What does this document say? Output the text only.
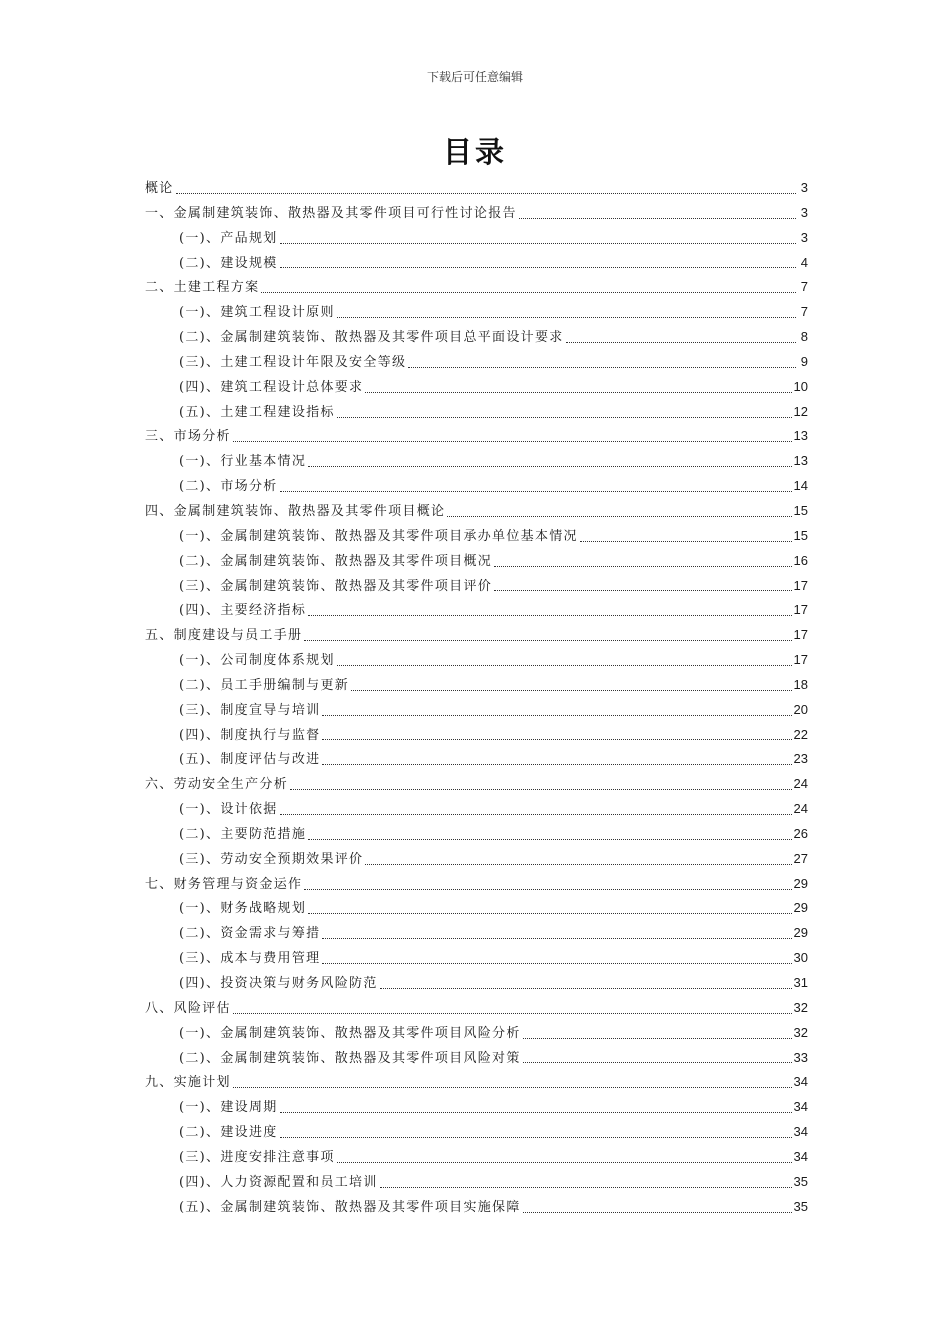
下载后可任意编辑
目录
概论	3
一、金属制建筑装饰、散热器及其零件项目可行性讨论报告	3
(一)、产品规划	3
(二)、建设规模	4
二、土建工程方案	7
(一)、建筑工程设计原则	7
(二)、金属制建筑装饰、散热器及其零件项目总平面设计要求	8
(三)、土建工程设计年限及安全等级	9
(四)、建筑工程设计总体要求	10
(五)、土建工程建设指标	12
三、市场分析	13
(一)、行业基本情况	13
(二)、市场分析	14
四、金属制建筑装饰、散热器及其零件项目概论	15
(一)、金属制建筑装饰、散热器及其零件项目承办单位基本情况	15
(二)、金属制建筑装饰、散热器及其零件项目概况	16
(三)、金属制建筑装饰、散热器及其零件项目评价	17
(四)、主要经济指标	17
五、制度建设与员工手册	17
(一)、公司制度体系规划	17
(二)、员工手册编制与更新	18
(三)、制度宣导与培训	20
(四)、制度执行与监督	22
(五)、制度评估与改进	23
六、劳动安全生产分析	24
(一)、设计依据	24
(二)、主要防范措施	26
(三)、劳动安全预期效果评价	27
七、财务管理与资金运作	29
(一)、财务战略规划	29
(二)、资金需求与筹措	29
(三)、成本与费用管理	30
(四)、投资决策与财务风险防范	31
八、风险评估	32
(一)、金属制建筑装饰、散热器及其零件项目风险分析	32
(二)、金属制建筑装饰、散热器及其零件项目风险对策	33
九、实施计划	34
(一)、建设周期	34
(二)、建设进度	34
(三)、进度安排注意事项	34
(四)、人力资源配置和员工培训	35
(五)、金属制建筑装饰、散热器及其零件项目实施保障	35
